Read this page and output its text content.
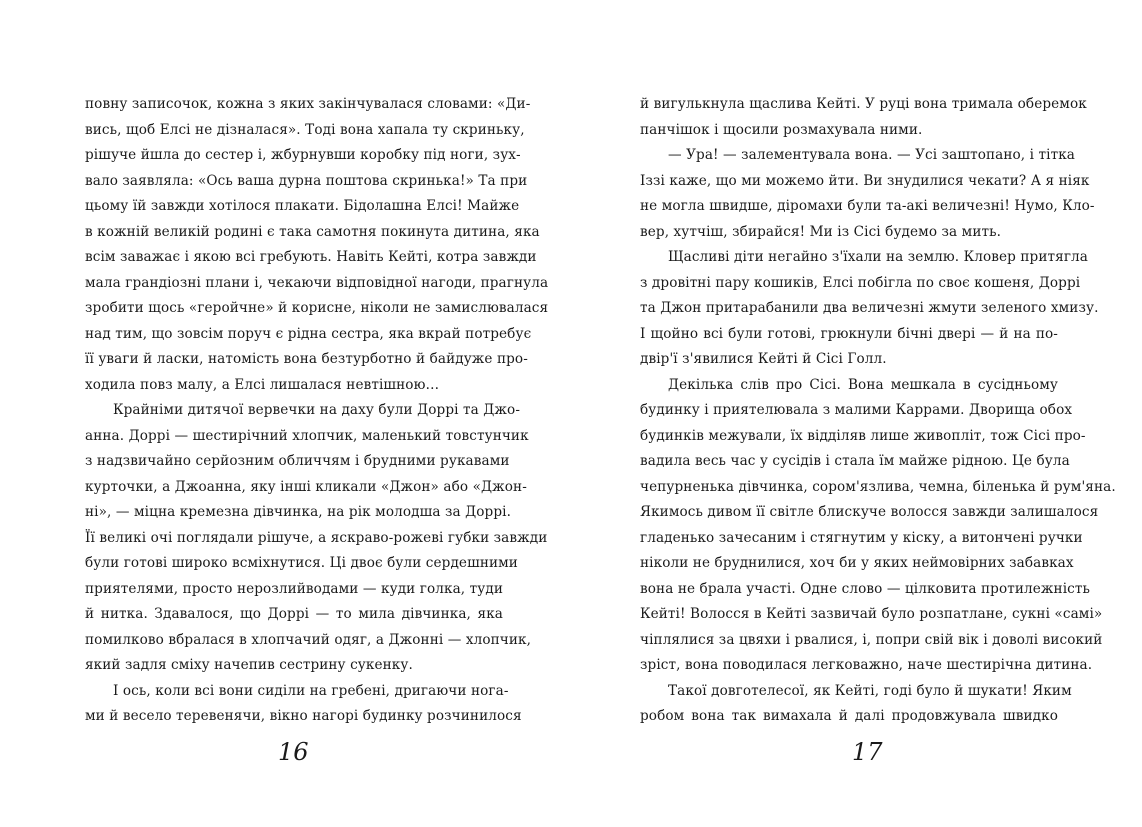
повну записочок, кожна з яких закінчувалася словами: «Ди-
вись, щоб Елсі не дізналася». Тоді вона хапала ту скриньку,
рішуче йшла до сестер і, жбурнувши коробку під ноги, зух-
вало заявляла: «Ось ваша дурна поштова скринька!» Та при
цьому їй завжди хотілося плакати. Бідолашна Елсі! Майже
в кожній великій родині є така самотня покинута дитина, яка
всім заважає і якою всі гребують. Навіть Кейті, котра завжди
мала грандіозні плани і, чекаючи відповідної нагоди, прагнула
зробити щось «геройчне» й корисне, ніколи не замислювалася
над тим, що зовсім поруч є рідна сестра, яка вкрай потребує
її уваги й ласки, натомість вона безтурботно й байдуже про-
ходила повз малу, а Елсі лишалася невтішною…
Крайніми дитячої вервечки на даху були Доррі та Джо-
анна. Доррі — шестирічний хлопчик, маленький товстунчик
з надзвичайно серйозним обличчям і брудними рукавами
курточки, а Джоанна, яку інші кликали «Джон» або «Джон-
ні», — міцна кремезна дівчинка, на рік молодша за Доррі.
Її великі очі поглядали рішуче, а яскраво-рожеві губки завжди
були готові широко всміхнутися. Ці двоє були сердешними
приятелями, просто нерозлийводами — куди голка, туди
й нитка. Здавалося, що Доррі — то мила дівчинка, яка
помилково вбралася в хлопчачий одяг, а Джонні — хлопчик,
який задля сміху начепив сестрину сукенку.
І ось, коли всі вони сиділи на гребені, дригаючи нога-
ми й весело теревенячи, вікно нагорі будинку розчинилося
16
й вигулькнула щаслива Кейті. У руці вона тримала оберемок
панчішок і щосили розмахувала ними.
— Ура! — залементувала вона. — Усі заштопано, і тітка
Іззі каже, що ми можемо йти. Ви знудилися чекати? А я ніяк
не могла швидше, діромахи були та-акі величезні! Нумо, Кло-
вер, хутчіш, збирайся! Ми із Сісі будемо за мить.
Щасливі діти негайно з'їхали на землю. Кловер притягла
з дровітні пару кошиків, Елсі побігла по своє кошеня, Доррі
та Джон притарабанили два величезні жмути зеленого хмизу.
І щойно всі були готові, грюкнули бічні двері — й на по-
двір'ї з'явилися Кейті й Сісі Голл.
Декілька слів про Сісі. Вона мешкала в сусідньому
будинку і приятелювала з малими Каррами. Дворища обох
будинків межували, їх відділяв лише живопліт, тож Сісі про-
вадила весь час у сусідів і стала їм майже рідною. Це була
чепурненька дівчинка, сором'язлива, чемна, біленька й рум'яна.
Якимось дивом її світле блискуче волосся завжди залишалося
гладенько зачесаним і стягнутим у кіску, а витончені ручки
ніколи не бруднилися, хоч би у яких неймовірних забавках
вона не брала участі. Одне слово — цілковита протилежність
Кейті! Волосся в Кейті зазвичай було розпатлане, сукні «самі»
чіплялися за цвяхи і рвалися, і, попри свій вік і доволі високий
зріст, вона поводилася легковажно, наче шестирічна дитина.
Такої довготелесої, як Кейті, годі було й шукати! Яким
робом вона так вимахала й далі продовжувала швидко
17
